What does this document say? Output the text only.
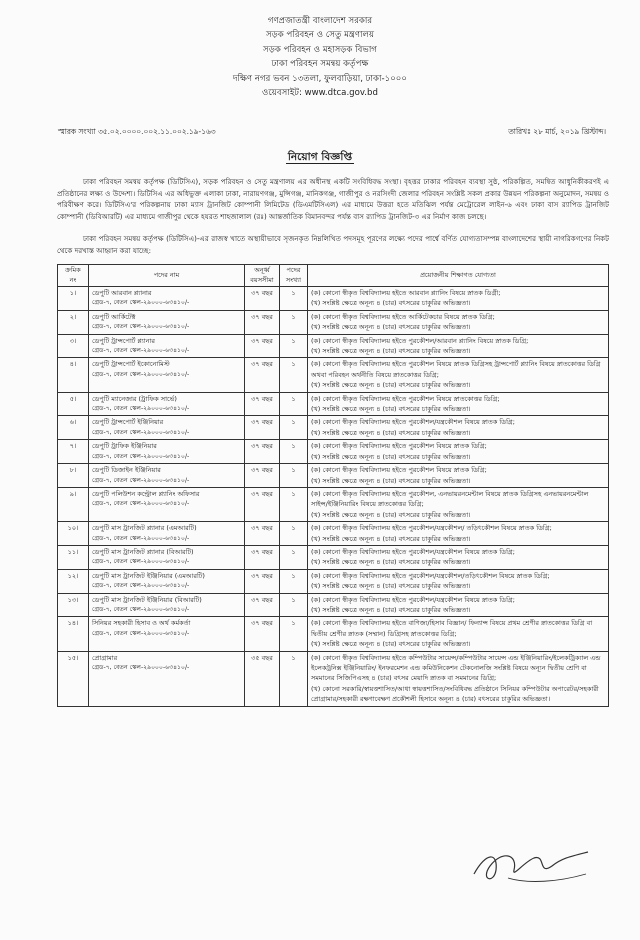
গণপ্রজাতন্ত্রী বাংলাদেশ সরকার
সড়ক পরিবহন ও সেতু মন্ত্রণালয়
সড়ক পরিবহন ও মহাসড়ক বিভাগ
ঢাকা পরিবহন সমন্বয় কর্তৃপক্ষ
দক্ষিণ নগর ভবন ১৩তলা, ফুলবাড়িয়া, ঢাকা-১০০০
ওয়েবসাইট: www.dtca.gov.bd
স্মারক সংখ্যা ৩৫.০২.০০০০.০০২.১১.০০২.১৯-১৬৩	তারিখঃ ২৮ মার্চ, ২০১৯ খ্রিস্টাব্দ।
নিয়োগ বিজ্ঞপ্তি
ঢাকা পরিবহন সমন্বয় কর্তৃপক্ষ (ডিটিসিএ), সড়ক পরিবহন ও সেতু মন্ত্রণালয় এর অধীনস্থ একটি সংবিধিবদ্ধ সংস্থা। বৃহত্তর ঢাকার পরিবহন ব্যবস্থা সুষ্ঠ, পরিকল্পিত, সমন্বিত আধুনিকীকরণই এ প্রতিষ্ঠানের লক্ষ্য ও উদ্দেশ্য। ডিটিসিএ এর অধিভুক্ত এলাকা ঢাকা, নারায়ণগঞ্জ, মুন্সিগঞ্জ, মানিকগঞ্জ, গাজীপুর ও নরসিংদী জেলার পরিবহন সংশ্লিষ্ট সকল প্রকার উন্নয়ন পরিকল্পনা অনুমোদন, সমন্বয় ও পরিবীক্ষণ করে। ডিটিসিএ'র পরিকল্পনায় ঢাকা ম্যাস ট্রানজিট কোম্পানী লিমিটেড (ডিএমটিসিএল) এর মাধ্যমে উত্তরা হতে মতিঝিল পর্যন্ত মেট্রোরেল লাইন-৬ এবং ঢাকা বাস র‍্যাপিড ট্রানজিট কোম্পানী (ডিবিআরটি) এর মাধ্যমে গাজীপুর থেকে হযরত শাহজালাল (রঃ) আন্তর্জাতিক বিমানবন্দর পর্যন্ত বাস র‍্যাপিড ট্রানজিট-৩ এর নির্মাণ কাজ চলছে।
ঢাকা পরিবহন সমন্বয় কর্তৃপক্ষ (ডিটিসিএ)-এর রাজস্ব খাতে অস্থায়ীভাবে সৃজনকৃত নিম্নলিখিত পদসমূহ পূরণের লক্ষ্যে পদের পার্শ্বে বর্ণিত যোগ্যতাসম্পন্ন বাংলাদেশের স্থায়ী নাগরিকগণের নিকট থেকে দরখাস্ত আহ্বান করা যাচ্ছে:
ক্রমিক নং	পদের নাম	অনূর্ধ্ব বয়সসীমা	পদের সংখ্যা	প্রয়োজনীয় শিক্ষাগত যোগ্যতা
১।	ডেপুটি আরবান প্ল্যানার
গ্রেড-৭, বেতন স্কেল-২৯০০০-৬৩৪১০/-	৩৭ বছর	১	(ক) কোনো স্বীকৃত বিশ্ববিদ্যালয় হইতে আরবান প্ল্যানিং বিষয়ে স্নাতক ডিগ্রী;
(খ) সংশ্লিষ্ট ক্ষেত্রে অনূন্য ৪ (চার) বৎসরের চাকুরির অভিজ্ঞতা।

২।	ডেপুটি আর্কিটেক্ট
গ্রেড-৭, বেতন স্কেল-২৯০০০-৬৩৪১০/-	৩৭ বছর	১	(ক) কোনো স্বীকৃত বিশ্ববিদ্যালয় হইতে আর্কিটেকচার বিষয়ে স্নাতক ডিগ্রি;
(খ) সংশ্লিষ্ট ক্ষেত্রে অনূন্য ৪ (চার) বৎসরের চাকুরির অভিজ্ঞতা।

৩।	ডেপুটি ট্রান্সপোর্ট প্ল্যানার
গ্রেড-৭, বেতন স্কেল-২৯০০০-৬৩৪১০/-	৩৭ বছর	১	(ক) কোনো স্বীকৃত বিশ্ববিদ্যালয় হইতে পুরকৌশল/আরবান প্ল্যানিং বিষয়ে স্নাতক ডিগ্রি;
(খ) সংশ্লিষ্ট ক্ষেত্রে অনূন্য ৪ (চার) বৎসরের চাকুরির অভিজ্ঞতা।

৪।	ডেপুটি ট্রান্সপোর্ট ইকোনোমিস্ট
গ্রেড-৭, বেতন স্কেল-২৯০০০-৬৩৪১০/-	৩৭ বছর	১	(ক) কোনো স্বীকৃত বিশ্ববিদ্যালয় হইতে পুরকৌশল বিষয়ে স্নাতক ডিগ্রিসহ ট্রান্সপোর্ট প্ল্যানিং বিষয়ে স্নাতকোত্তর ডিগ্রি অথবা পরিবহন অর্থনীতি বিষয়ে স্নাতকোত্তর ডিগ্রি;
(খ) সংশ্লিষ্ট ক্ষেত্রে অনূন্য ৪ (চার) বৎসরের চাকুরির অভিজ্ঞতা।

৫।	ডেপুটি ম্যানেজার (ট্রাফিক সার্ভে)
গ্রেড-৭, বেতন স্কেল-২৯০০০-৬৩৪১০/-	৩৭ বছর	১	(ক) কোনো স্বীকৃত বিশ্ববিদ্যালয় হইতে পুরকৌশল বিষয়ে স্নাতকোত্তর ডিগ্রি;
(খ) সংশ্লিষ্ট ক্ষেত্রে অনূন্য ৪ (চার) বৎসরের চাকুরির অভিজ্ঞতা।

৬।	ডেপুটি ট্রান্সপোর্ট ইঞ্জিনিয়ার
গ্রেড-৭, বেতন স্কেল-২৯০০০-৬৩৪১০/-	৩৭ বছর	১	(ক) কোনো স্বীকৃত বিশ্ববিদ্যালয় হইতে পুরকৌশল/যন্ত্রকৌশল বিষয়ে স্নাতক ডিগ্রি;
(খ) সংশ্লিষ্ট ক্ষেত্রে অনূন্য ৪ (চার) বৎসরের চাকুরির অভিজ্ঞতা।

৭।	ডেপুটি ট্রাফিক ইঞ্জিনিয়ার
গ্রেড-৭, বেতন স্কেল-২৯০০০-৬৩৪১০/-	৩৭ বছর	১	(ক) কোনো স্বীকৃত বিশ্ববিদ্যালয় হইতে পুরকৌশল বিষয়ে স্নাতক ডিগ্রি;
(খ) সংশ্লিষ্ট ক্ষেত্রে অনূন্য ৪ (চার) বৎসরের চাকুরির অভিজ্ঞতা।

৮।	ডেপুটি ডিজাইন ইঞ্জিনিয়ার
গ্রেড-৭, বেতন স্কেল-২৯০০০-৬৩৪১০/-	৩৭ বছর	১	(ক) কোনো স্বীকৃত বিশ্ববিদ্যালয় হইতে পুরকৌশল বিষয়ে স্নাতক ডিগ্রি;
(খ) সংশ্লিষ্ট ক্ষেত্রে অনূন্য ৪ (চার) বৎসরের চাকুরির অভিজ্ঞতা।

৯।	ডেপুটি পলিউশন কন্ট্রোল প্ল্যানিং অফিসার
গ্রেড-৭, বেতন স্কেল-২৯০০০-৬৩৪১০/-	৩৭ বছর	১	(ক) কোনো স্বীকৃত বিশ্ববিদ্যালয় হইতে পুরকৌশল, এনভায়রনমেন্টাল বিষয়ে স্নাতক ডিগ্রিসহ এনভায়রনমেন্টাল সাইন্স/ইঞ্জিনিয়ারিং বিষয়ে স্নাতকোত্তর ডিগ্রি;
(খ) সংশ্লিষ্ট ক্ষেত্রে অনূন্য ৪ (চার) বৎসরের চাকুরির অভিজ্ঞতা।

১০।	ডেপুটি মাস ট্রানজিট প্ল্যানার (এমআরটি)
গ্রেড-৭, বেতন স্কেল-২৯০০০-৬৩৪১০/-	৩৭ বছর	১	(ক) কোনো স্বীকৃত বিশ্ববিদ্যালয় হইতে পুরকৌশল/যন্ত্রকৌশল/ তড়িৎকৌশল বিষয়ে স্নাতক ডিগ্রি;
(খ) সংশ্লিষ্ট ক্ষেত্রে অনূন্য ৪ (চার) বৎসরের চাকুরির অভিজ্ঞতা।

১১।	ডেপুটি মাস ট্রানজিট প্ল্যানার (বিআরটি)
গ্রেড-৭, বেতন স্কেল-২৯০০০-৬৩৪১০/-	৩৭ বছর	১	(ক) কোনো স্বীকৃত বিশ্ববিদ্যালয় হইতে পুরকৌশল/যন্ত্রকৌশল বিষয়ে স্নাতক ডিগ্রি;
(খ) সংশ্লিষ্ট ক্ষেত্রে অনূন্য ৪ (চার) বৎসরের চাকুরির অভিজ্ঞতা।

১২।	ডেপুটি মাস ট্রানজিট ইঞ্জিনিয়ার (এমআরটি)
গ্রেড-৭, বেতন স্কেল-২৯০০০-৬৩৪১০/-	৩৭ বছর	১	(ক) কোনো স্বীকৃত বিশ্ববিদ্যালয় হইতে পুরকৌশল/যন্ত্রকৌশল/তড়িৎকৌশল বিষয়ে স্নাতক ডিগ্রি;
(খ) সংশ্লিষ্ট ক্ষেত্রে অনূন্য ৪ (চার) বৎসরের চাকুরির অভিজ্ঞতা।

১৩।	ডেপুটি মাস ট্রানজিট ইঞ্জিনিয়ার (বিআরটি)
গ্রেড-৭, বেতন স্কেল-২৯০০০-৬৩৪১০/-	৩৭ বছর	১	(ক) কোনো স্বীকৃত বিশ্ববিদ্যালয় হইতে পুরকৌশল/যন্ত্রকৌশল বিষয়ে স্নাতক ডিগ্রি;
(খ) সংশ্লিষ্ট ক্ষেত্রে অনূন্য ৪ (চার) বৎসরের চাকুরির অভিজ্ঞতা।

১৪।	সিনিয়র সহকারী হিসাব ও অর্থ কর্মকর্তা
গ্রেড-৭, বেতন স্কেল-২৯০০০-৬৩৪১০/-	৩৭ বছর	১	(ক) কোনো স্বীকৃত বিশ্ববিদ্যালয় হইতে বাণিজ্য/হিসাব বিজ্ঞান/ ফিন্যান্স বিষয়ে প্রথম শ্রেণীর স্নাতকোত্তর ডিগ্রি বা দ্বিতীয় শ্রেণীর স্নাতক (সম্মান) ডিগ্রিসহ স্নাতকোত্তর ডিগ্রি;
(খ) সংশ্লিষ্ট ক্ষেত্রে অনূন্য ৪ (চার) বৎসরের চাকুরির অভিজ্ঞতা।

১৫।	প্রোগ্রামার
গ্রেড-৭, বেতন স্কেল-২৯০০০-৬৩৪১০/-	৩৫ বছর	১	(ক) কোনো স্বীকৃত বিশ্ববিদ্যালয় হইতে কম্পিউটার সায়েন্স/কম্পিউটার সায়েন্স এন্ড ইঞ্জিনিয়ারিং/ইলেকট্রিক্যাল এন্ড ইলেকট্রনিক্স ইঞ্জিনিয়ারিং/ ইনফরমেশন এন্ড কমিউনিকেশন টেকনোলজি সংশ্লিষ্ট বিষয়ে অন্যূন দ্বিতীয় শ্রেণি বা সমমানের সিজিপিএসহ ৪ (চার) বৎসর মেয়াদি স্নাতক বা সমমানের ডিগ্রি;
(খ) কোনো সরকারি/স্বায়ত্তশাসিত/আধা স্বায়ত্তশাসিত/সংবিধিবদ্ধ প্রতিষ্ঠানে সিনিয়র কম্পিউটার অপারেটর/সহকারী প্রোগ্রামার/সহকারী রক্ষণাবেক্ষণ প্রকৌশলী হিসাবে অনূন্য ৪ (চার) বৎসরের চাকুরির অভিজ্ঞতা।
